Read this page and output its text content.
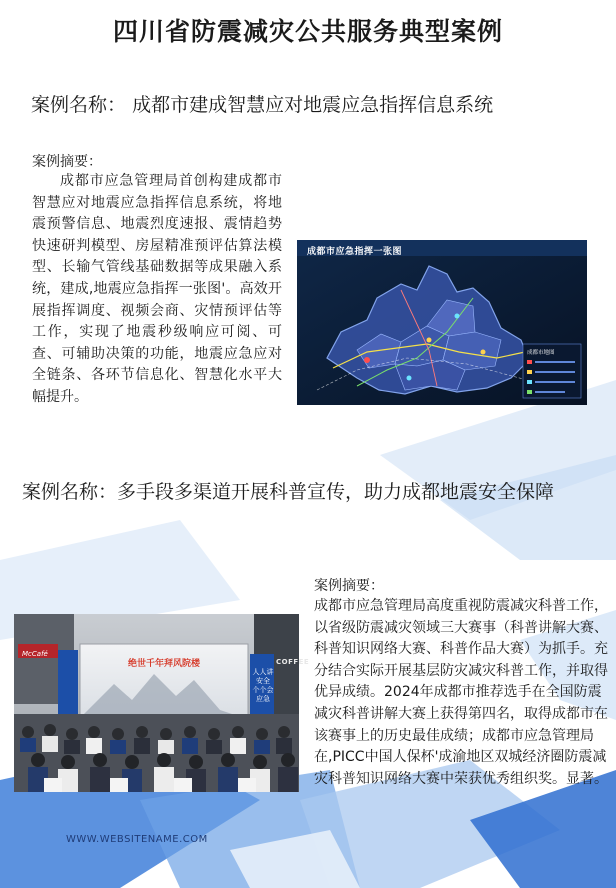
四川省防震减灾公共服务典型案例

案例名称： 成都市建成智慧应对地震应急指挥信息系统

案例摘要：

成都市应急管理局首创构建成都市智慧应对地震应急指挥信息系统，将地震预警信息、地震烈度速报、震情趋势快速研判模型、房屋精准预评估算法模型、长输气管线基础数据等成果融入系统，建成,地震应急指挥一张图'。高效开展指挥调度、视频会商、灾情预评估等工作，实现了地震秒级响应可阅、可查、可辅助决策的功能，地震应急应对全链条、各环节信息化、智慧化水平大幅提升。

成都市地图
成都市应急指挥一张图

案例名称：多手段多渠道开展科普宣传，助力成都地震安全保障

McCafé
绝世千年拜风院楼
人人讲安全 个个会应急
COFFEE

案例摘要：

成都市应急管理局高度重视防震减灾科普工作，以省级防震减灾领域三大赛事（科普讲解大赛、科普知识网络大赛、科普作品大赛）为抓手。充分结合实际开展基层防灾减灾科普工作，并取得优异成绩。2024年成都市推荐选手在全国防震减灾科普讲解大赛上获得第四名，取得成都市在该赛事上的历史最佳成绩；成都市应急管理局在,PICC中国人保杯'成渝地区双城经济圈防震减灾科普知识网络大赛中荣获优秀组织奖。显著。

WWW.WEBSITENAME.COM
